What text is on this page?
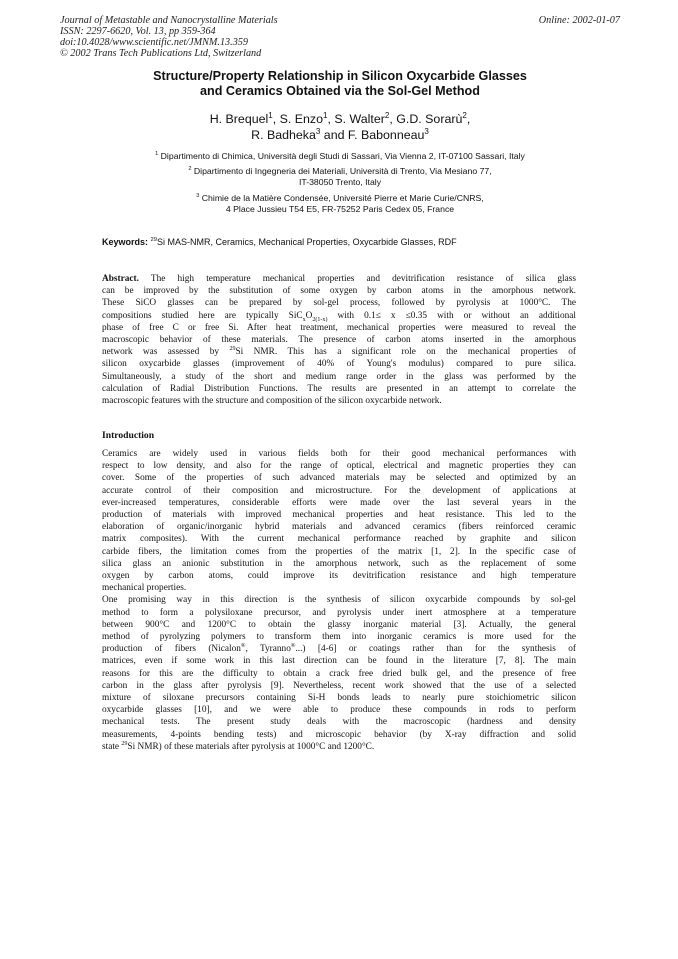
Journal of Metastable and Nanocrystalline Materials
ISSN: 2297-6620, Vol. 13, pp 359-364
doi:10.4028/www.scientific.net/JMNM.13.359
© 2002 Trans Tech Publications Ltd, Switzerland
Online: 2002-01-07
Structure/Property Relationship in Silicon Oxycarbide Glasses
and Ceramics Obtained via the Sol-Gel Method
H. Brequel$^1$, S. Enzo$^1$, S. Walter$^2$, G.D. Sorarù$^2$,
R. Badheka$^3$ and F. Babonneau$^3$
$^1$ Dipartimento di Chimica, Università degli Studi di Sassari, Via Vienna 2, IT-07100 Sassari, Italy
$^2$ Dipartimento di Ingegneria dei Materiali, Università di Trento, Via Mesiano 77,
IT-38050 Trento, Italy
$^3$ Chimie de la Matière Condensée, Université Pierre et Marie Curie/CNRS,
4 Place Jussieu T54 E5, FR-75252 Paris Cedex 05, France
Keywords: $^{29}$Si MAS-NMR, Ceramics, Mechanical Properties, Oxycarbide Glasses, RDF
Abstract. The high temperature mechanical properties and devitrification resistance of silica glass
can be improved by the substitution of some oxygen by carbon atoms in the amorphous network.
These SiCO glasses can be prepared by sol-gel process, followed by pyrolysis at 1000°C. The
compositions studied here are typically $SiC_xO_{2(1-x)}$ with 0.1≤ x ≤0.35 with or without an additional
phase of free C or free Si. After heat treatment, mechanical properties were measured to reveal the
macroscopic behavior of these materials. The presence of carbon atoms inserted in the amorphous
network was assessed by $^{29}$Si NMR. This has a significant role on the mechanical properties of
silicon oxycarbide glasses (improvement of 40% of Young's modulus) compared to pure silica.
Simultaneously, a study of the short and medium range order in the glass was performed by the
calculation of Radial Distribution Functions. The results are presented in an attempt to correlate the
macroscopic features with the structure and composition of the silicon oxycarbide network.
Introduction
Ceramics are widely used in various fields both for their good mechanical performances with
respect to low density, and also for the range of optical, electrical and magnetic properties they can
cover. Some of the properties of such advanced materials may be selected and optimized by an
accurate control of their composition and microstructure. For the development of applications at
ever-increased temperatures, considerable efforts were made over the last several years in the
production of materials with improved mechanical properties and heat resistance. This led to the
elaboration of organic/inorganic hybrid materials and advanced ceramics (fibers reinforced ceramic
matrix composites). With the current mechanical performance reached by graphite and silicon
carbide fibers, the limitation comes from the properties of the matrix [1, 2]. In the specific case of
silica glass an anionic substitution in the amorphous network, such as the replacement of some
oxygen by carbon atoms, could improve its devitrification resistance and high temperature
mechanical properties.
One promising way in this direction is the synthesis of silicon oxycarbide compounds by sol-gel
method to form a polysiloxane precursor, and pyrolysis under inert atmosphere at a temperature
between 900°C and 1200°C to obtain the glassy inorganic material [3]. Actually, the general
method of pyrolyzing polymers to transform them into inorganic ceramics is more used for the
production of fibers (Nicalon®, Tyranno®...) [4-6] or coatings rather than for the synthesis of
matrices, even if some work in this last direction can be found in the literature [7, 8]. The main
reasons for this are the difficulty to obtain a crack free dried bulk gel, and the presence of free
carbon in the glass after pyrolysis [9]. Nevertheless, recent work showed that the use of a selected
mixture of siloxane precursors containing Si-H bonds leads to nearly pure stoichiometric silicon
oxycarbide glasses [10], and we were able to produce these compounds in rods to perform
mechanical tests. The present study deals with the macroscopic (hardness and density
measurements, 4-points bending tests) and microscopic behavior (by X-ray diffraction and solid
state $^{29}$Si NMR) of these materials after pyrolysis at 1000°C and 1200°C.
